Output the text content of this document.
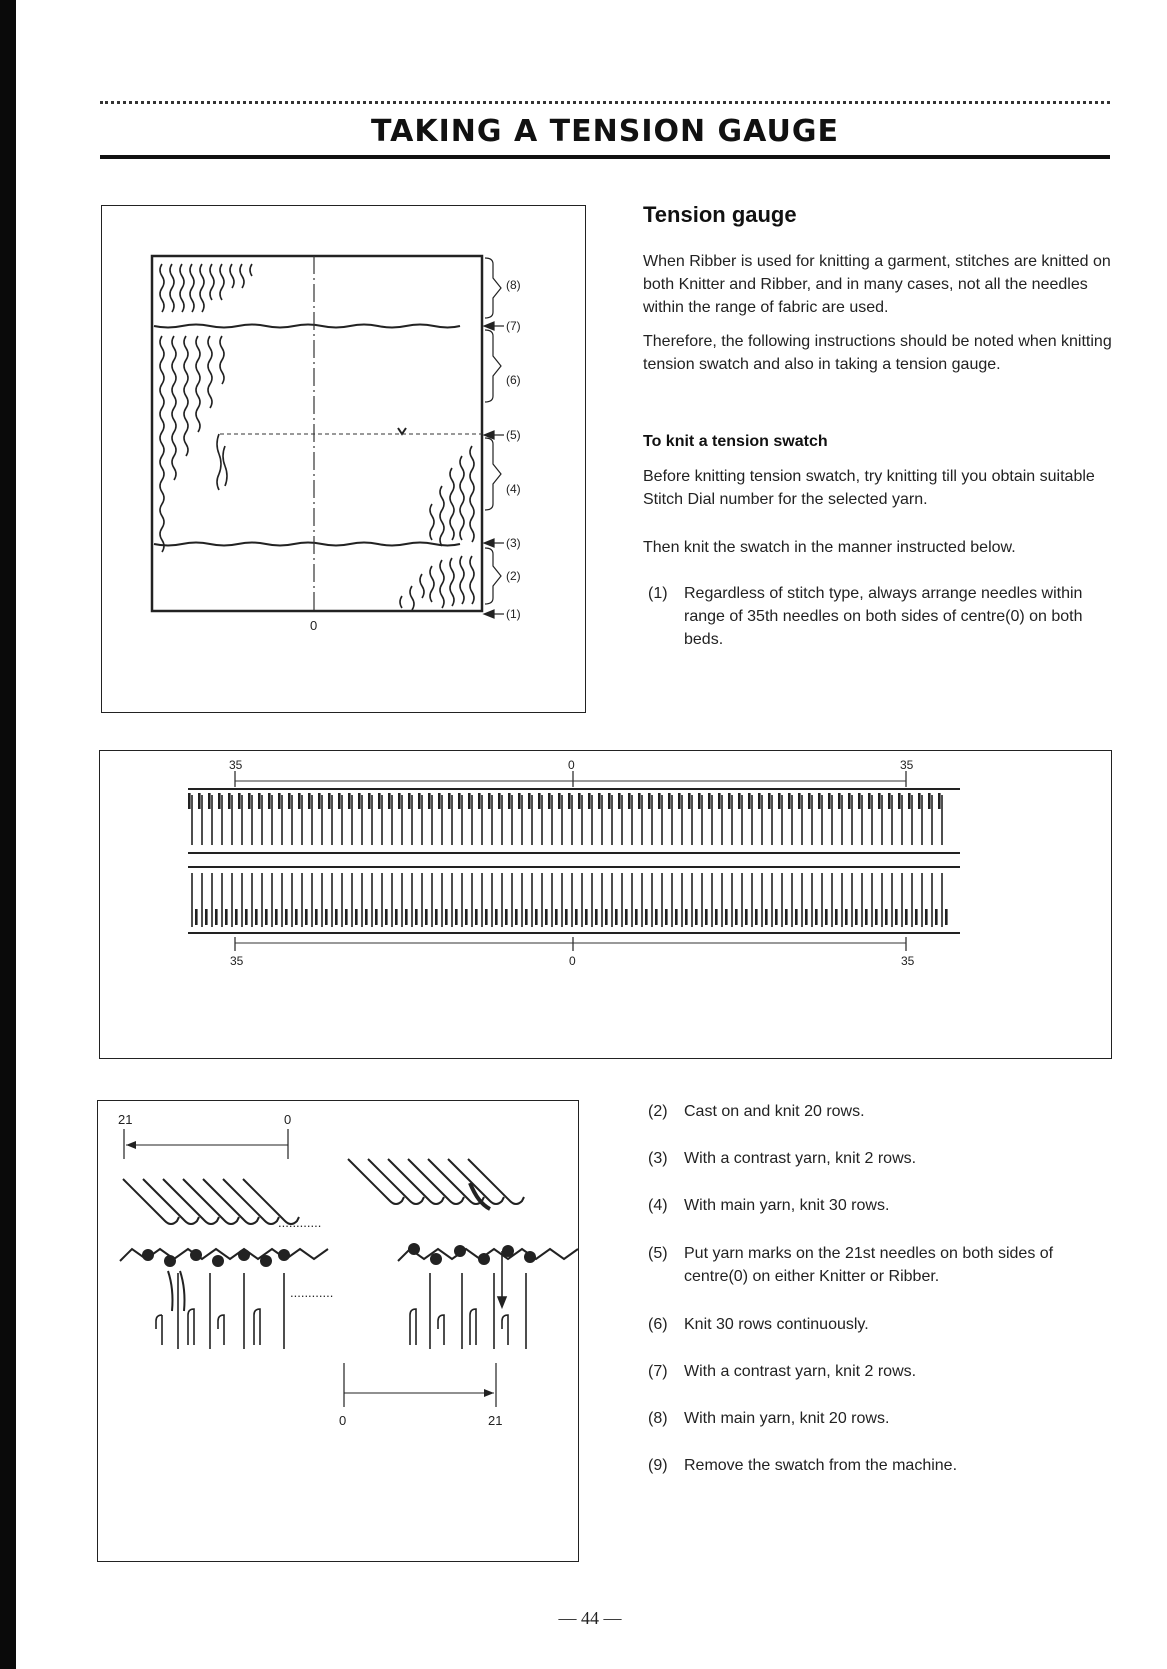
TAKING A TENSION GAUGE
(8)
(7)
(6)
(5)
(4)
(3)
(2)
(1)
0
35	0	35
35	0	35
21	0
............
............
0	21
Tension gauge

When Ribber is used for knitting a garment, stitches are knitted on both Knitter and Ribber, and in many cases, not all the needles within the range of fabric are used.

Therefore, the following instructions should be noted when knitting tension swatch and also in taking a tension gauge.

To knit a tension swatch

Before knitting tension swatch, try knitting till you obtain suitable Stitch Dial number for the selected yarn.

Then knit the swatch in the manner instructed below.

(1) Regardless of stitch type, always arrange needles within range of 35th needles on both sides of centre(0) on both beds.
(2) Cast on and knit 20 rows.
(3) With a contrast yarn, knit 2 rows.
(4) With main yarn, knit 30 rows.
(5) Put yarn marks on the 21st needles on both sides of centre(0) on either Knitter or Ribber.
(6) Knit 30 rows continuously.
(7) With a contrast yarn, knit 2 rows.
(8) With main yarn, knit 20 rows.
(9) Remove the swatch from the machine.
— 44 —
